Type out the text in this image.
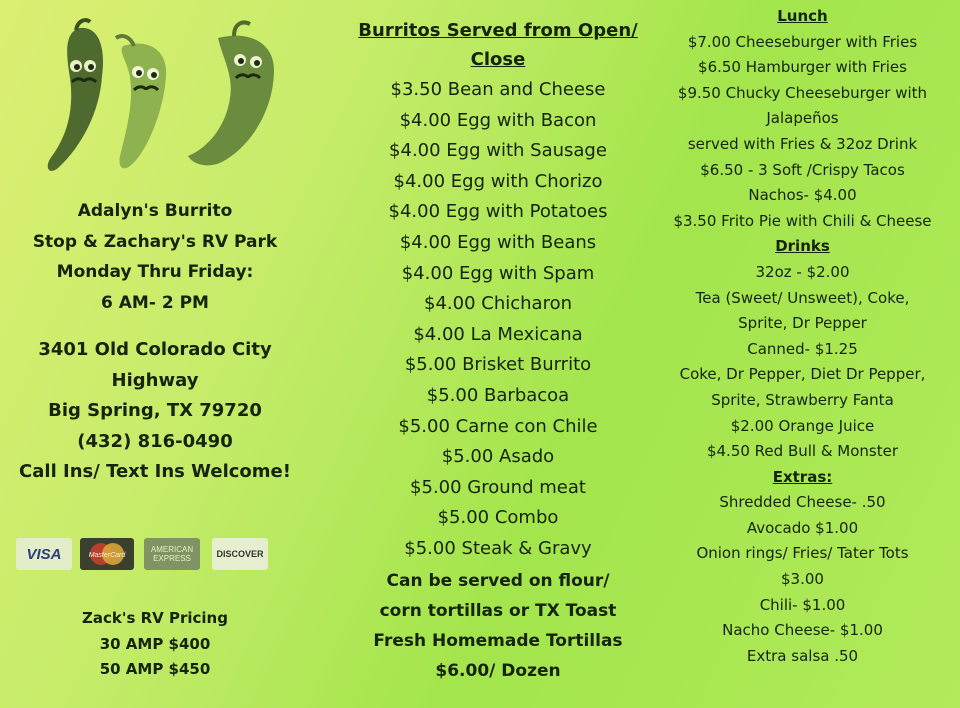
Adalyn's Burrito
Stop & Zachary's RV Park
Monday Thru Friday:
6 AM- 2 PM
3401 Old Colorado City
Highway
Big Spring, TX 79720
(432) 816-0490
Call Ins/ Text Ins Welcome!
VISA	MasterCard
AMERICAN
EXPRESS	DISCOVER
Zack's RV Pricing
30 AMP $400
50 AMP $450
Burritos Served from Open/
Close
$3.50 Bean and Cheese
$4.00 Egg with Bacon
$4.00 Egg with Sausage
$4.00 Egg with Chorizo
$4.00 Egg with Potatoes
$4.00 Egg with Beans
$4.00 Egg with Spam
$4.00 Chicharon
$4.00 La Mexicana
$5.00 Brisket Burrito
$5.00 Barbacoa
$5.00 Carne con Chile
$5.00 Asado
$5.00 Ground meat
$5.00 Combo
$5.00 Steak & Gravy
Can be served on flour/
corn tortillas or TX Toast
Fresh Homemade Tortillas
$6.00/ Dozen
Lunch
$7.00 Cheeseburger with Fries
$6.50 Hamburger with Fries
$9.50 Chucky Cheeseburger with
Jalapeños
served with Fries & 32oz Drink
$6.50 - 3 Soft /Crispy Tacos
Nachos- $4.00
$3.50 Frito Pie with Chili & Cheese
Drinks
32oz - $2.00
Tea (Sweet/ Unsweet), Coke,
Sprite, Dr Pepper
Canned- $1.25
Coke, Dr Pepper, Diet Dr Pepper,
Sprite, Strawberry Fanta
$2.00 Orange Juice
$4.50 Red Bull & Monster
Extras:
Shredded Cheese- .50
Avocado $1.00
Onion rings/ Fries/ Tater Tots
$3.00
Chili- $1.00
Nacho Cheese- $1.00
Extra salsa .50
